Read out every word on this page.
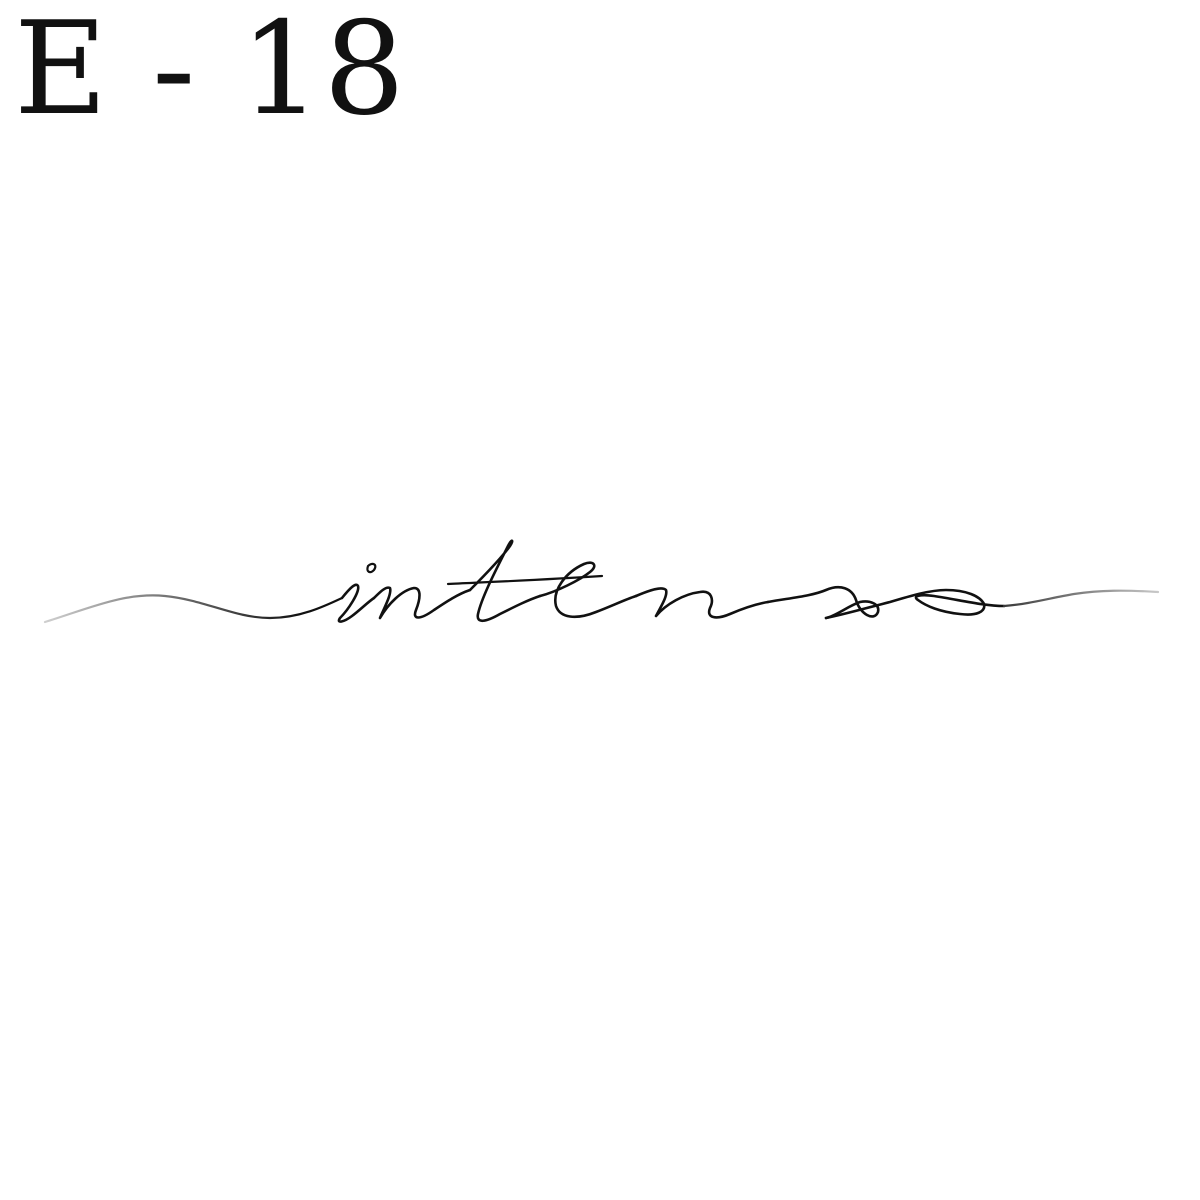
E - 18
